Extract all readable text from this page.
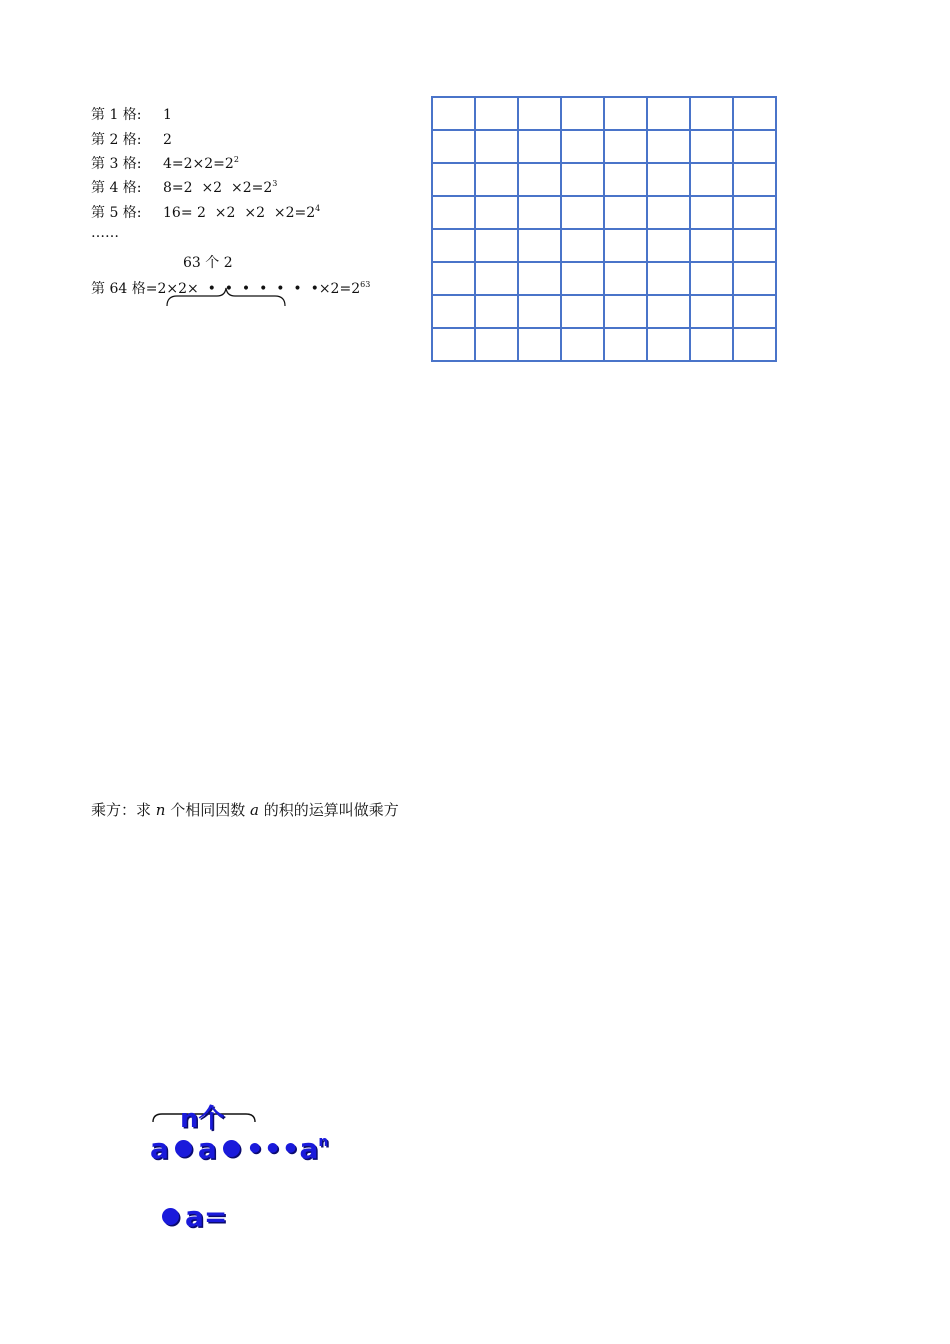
第 1 格: 1
第 2 格: 2
第 3 格: $4=2\times 2=2^2$
第 4 格: $8=2 \times 2 \times 2=2^3$
第 5 格: $16= 2 \times 2 \times 2 \times 2=2^4$
……
63 个 2
第 64 格=2×2×  •  •  •  •  •  •  $•\times 2=2^{63}$

乘方：求 n 个相同因数 a 的积的运算叫做乘方
n个
a a $•••a^n$
a=
